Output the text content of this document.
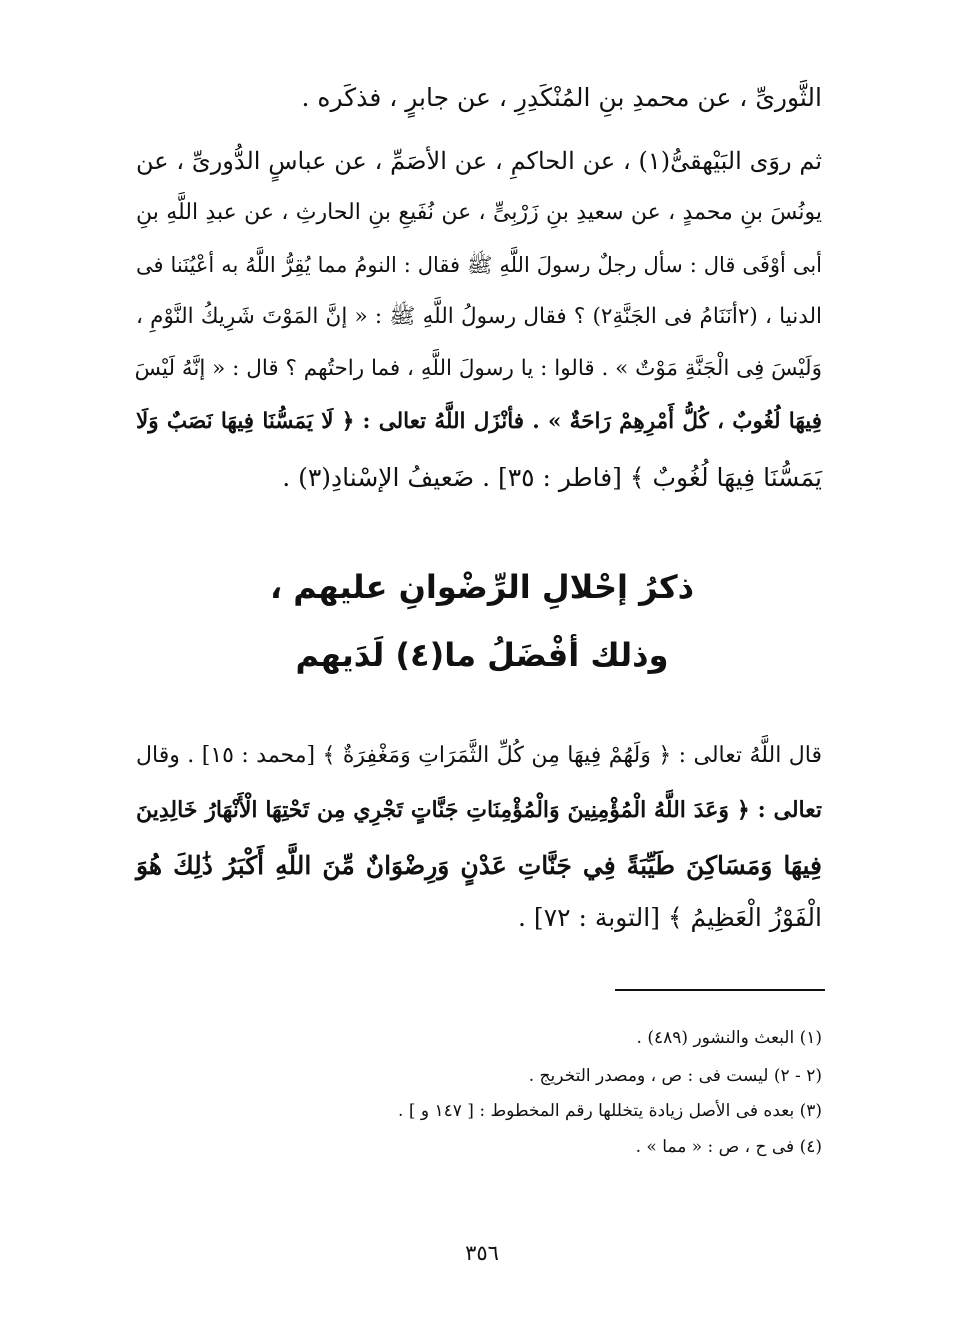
الثَّورىِّ ، عن محمدِ بنِ المُنْكَدِرِ ، عن جابرٍ ، فذكَره .
ثم روَى البَيْهقىُّ(١) ، عن الحاكمِ ، عن الأصَمِّ ، عن عباسٍ الدُّورىِّ ، عن
يونُسَ بنِ محمدٍ ، عن سعيدِ بنِ زَرْبِىٍّ ، عن نُفَيعِ بنِ الحارثِ ، عن عبدِ اللَّهِ بنِ
أبى أوْفَى قال : سأل رجلٌ رسولَ اللَّهِ ﷺ فقال : النومُ مما يُقِرُّ اللَّهُ به أعْيُنَنا فى
الدنيا ، (٢أنَنَامُ فى الجَنَّةِ٢) ؟ فقال رسولُ اللَّهِ ﷺ : « إنَّ المَوْتَ شَرِيكُ النَّوْمِ ،
وَلَيْسَ فِى الْجَنَّةِ مَوْتٌ » . قالوا : يا رسولَ اللَّهِ ، فما راحتُهم ؟ قال : « إنَّهُ لَيْسَ
فِيهَا لُغُوبٌ ، كُلُّ أَمْرِهِمْ رَاحَةٌ » . فأنْزَل اللَّهُ تعالى : ﴿ لَا يَمَسُّنَا فِيهَا نَصَبٌ وَلَا
يَمَسُّنَا فِيهَا لُغُوبٌ ﴾ [فاطر : ٣٥] . ضَعيفُ الإسْنادِ(٣) .
ذكرُ إحْلالِ الرِّضْوانِ عليهم ،
وذلك أفْضَلُ ما(٤) لَدَيهم
قال اللَّهُ تعالى : ﴿ وَلَهُمْ فِيهَا مِن كُلِّ الثَّمَرَاتِ وَمَغْفِرَةٌ ﴾ [محمد : ١٥] . وقال
تعالى : ﴿ وَعَدَ اللَّهُ الْمُؤْمِنِينَ وَالْمُؤْمِنَاتِ جَنَّاتٍ تَجْرِي مِن تَحْتِهَا الْأَنْهَارُ خَالِدِينَ
فِيهَا وَمَسَاكِنَ طَيِّبَةً فِي جَنَّاتِ عَدْنٍ وَرِضْوَانٌ مِّنَ اللَّهِ أَكْبَرُ ذَٰلِكَ هُوَ
الْفَوْزُ الْعَظِيمُ ﴾ [التوبة : ٧٢] .
(١) البعث والنشور (٤٨٩) .
(٢ - ٢) ليست فى : ص ، ومصدر التخريج .
(٣) بعده فى الأصل زيادة يتخللها رقم المخطوط : [ ١٤٧ و ] .
(٤) فى ح ، ص : « مما » .
٣٥٦
